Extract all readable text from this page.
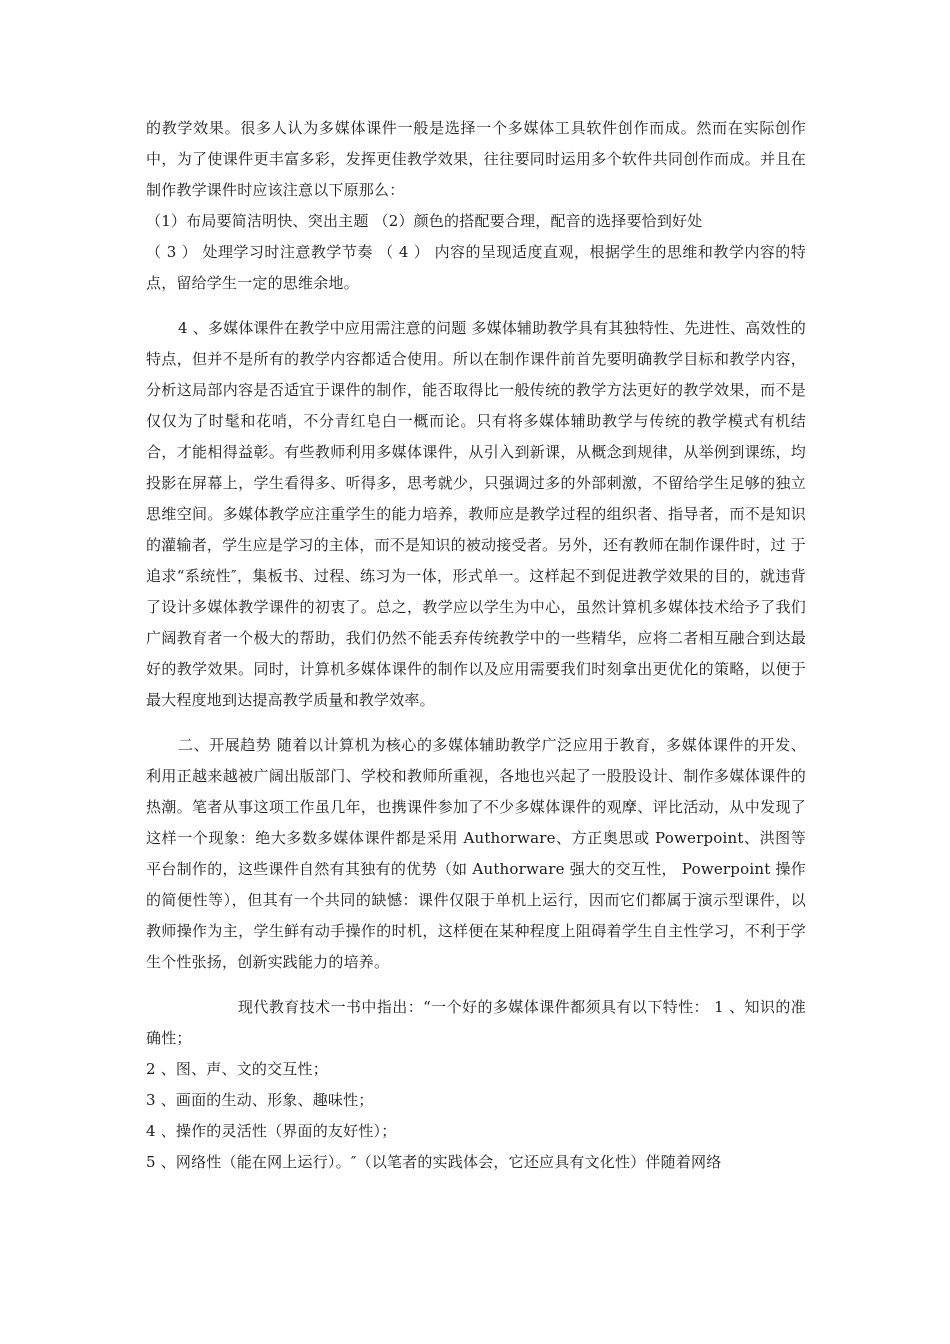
的教学效果。很多人认为多媒体课件一般是选择一个多媒体工具软件创作而成。然而在实际创作中，为了使课件更丰富多彩，发挥更佳教学效果，往往要同时运用多个软件共同创作而成。并且在制作教学课件时应该注意以下原那么：

（1）布局要简洁明快、突出主题 （2）颜色的搭配要合理，配音的选择要恰到好处

（ 3 ） 处理学习时注意教学节奏 （ 4 ） 内容的呈现适度直观，根据学生的思维和教学内容的特点，留给学生一定的思维余地。

4 、多媒体课件在教学中应用需注意的问题 多媒体辅助教学具有其独特性、先进性、高效性的特点，但并不是所有的教学内容都适合使用。所以在制作课件前首先要明确教学目标和教学内容，分析这局部内容是否适宜于课件的制作，能否取得比一般传统的教学方法更好的教学效果，而不是仅仅为了时髦和花哨，不分青红皂白一概而论。只有将多媒体辅助教学与传统的教学模式有机结合，才能相得益彰。有些教师利用多媒体课件，从引入到新课，从概念到规律，从举例到课练，均投影在屏幕上，学生看得多、听得多，思考就少，只强调过多的外部刺激，不留给学生足够的独立思维空间。多媒体教学应注重学生的能力培养，教师应是教学过程的组织者、指导者，而不是知识的灌输者，学生应是学习的主体，而不是知识的被动接受者。另外，还有教师在制作课件时，过 于追求“系统性″，集板书、过程、练习为一体，形式单一。这样起不到促进教学效果的目的，就违背了设计多媒体教学课件的初衷了。总之，教学应以学生为中心，虽然计算机多媒体技术给予了我们广阔教育者一个极大的帮助，我们仍然不能丢弃传统教学中的一些精华，应将二者相互融合到达最好的教学效果。同时，计算机多媒体课件的制作以及应用需要我们时刻拿出更优化的策略，以便于最大程度地到达提高教学质量和教学效率。

二、开展趋势 随着以计算机为核心的多媒体辅助教学广泛应用于教育，多媒体课件的开发、利用正越来越被广阔出版部门、学校和教师所重视，各地也兴起了一股股设计、制作多媒体课件的热潮。笔者从事这项工作虽几年，也携课件参加了不少多媒体课件的观摩、评比活动，从中发现了这样一个现象：绝大多数多媒体课件都是采用 Authorware、方正奥思或 Powerpoint、洪图等平台制作的，这些课件自然有其独有的优势（如 Authorware 强大的交互性， Powerpoint 操作的简便性等），但其有一个共同的缺憾：课件仅限于单机上运行，因而它们都属于演示型课件，以教师操作为主，学生鲜有动手操作的时机，这样便在某种程度上阻碍着学生自主性学习，不利于学生个性张扬，创新实践能力的培养。

现代教育技术一书中指出：“一个好的多媒体课件都须具有以下特性： 1 、知识的准确性；

2 、图、声、文的交互性；
3 、画面的生动、形象、趣味性；
4 、操作的灵活性（界面的友好性）；
5 、网络性（能在网上运行）。″（以笔者的实践体会，它还应具有文化性）伴随着网络
